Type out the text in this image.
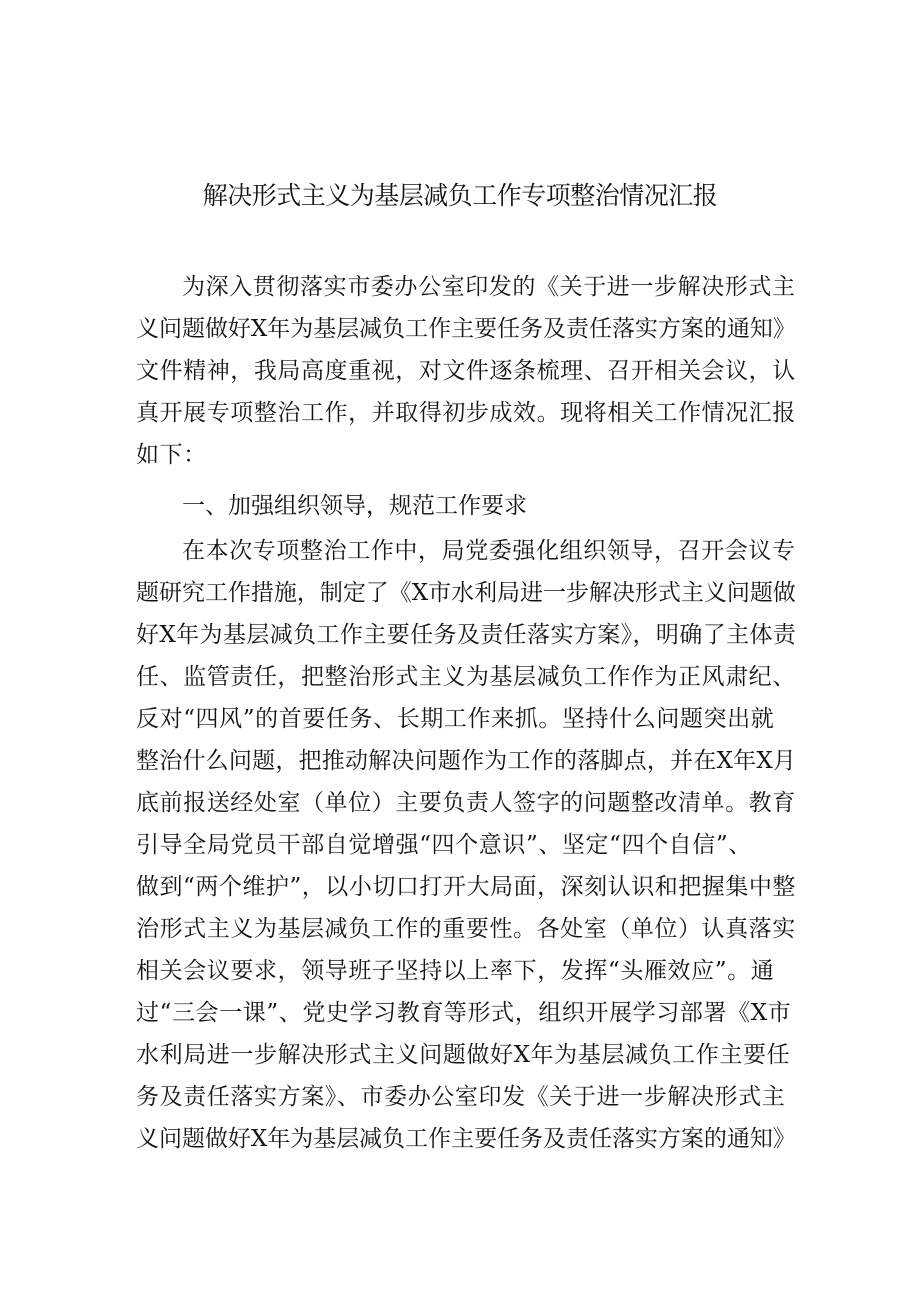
解决形式主义为基层减负工作专项整治情况汇报
为深入贯彻落实市委办公室印发的《关于进一步解决形式主
义问题做好X年为基层减负工作主要任务及责任落实方案的通知》
文件精神，我局高度重视，对文件逐条梳理、召开相关会议，认
真开展专项整治工作，并取得初步成效。现将相关工作情况汇报
如下：
一、加强组织领导，规范工作要求
在本次专项整治工作中，局党委强化组织领导，召开会议专
题研究工作措施，制定了《X市水利局进一步解决形式主义问题做
好X年为基层减负工作主要任务及责任落实方案》，明确了主体责
任、监管责任，把整治形式主义为基层减负工作作为正风肃纪、
反对“四风”的首要任务、长期工作来抓。坚持什么问题突出就
整治什么问题，把推动解决问题作为工作的落脚点，并在X年X月
底前报送经处室（单位）主要负责人签字的问题整改清单。教育
引导全局党员干部自觉增强“四个意识”、坚定“四个自信”、
做到“两个维护”，以小切口打开大局面，深刻认识和把握集中整
治形式主义为基层减负工作的重要性。各处室（单位）认真落实
相关会议要求，领导班子坚持以上率下，发挥“头雁效应”。通
过“三会一课”、党史学习教育等形式，组织开展学习部署《X市
水利局进一步解决形式主义问题做好X年为基层减负工作主要任
务及责任落实方案》、市委办公室印发《关于进一步解决形式主
义问题做好X年为基层减负工作主要任务及责任落实方案的通知》
